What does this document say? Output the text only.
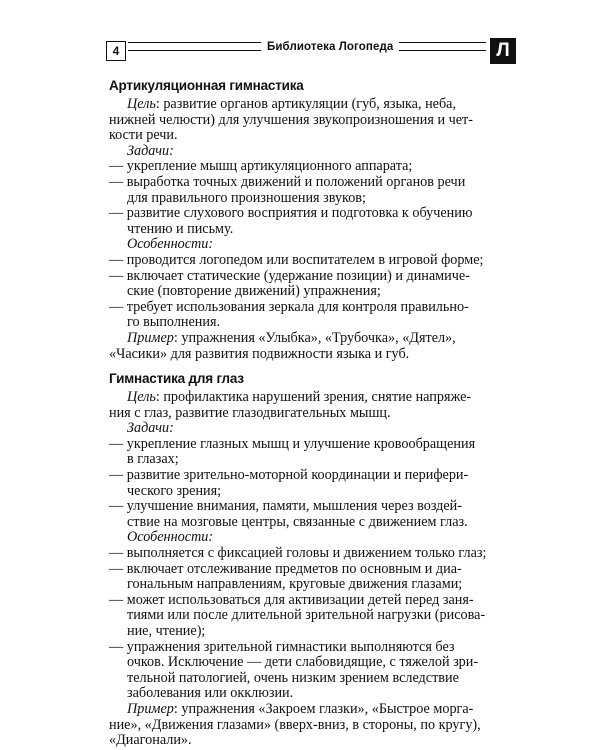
4	Библиотека Логопеда	Л
Артикуляционная гимнастика
Цель: развитие органов артикуляции (губ, языка, неба,
нижней челюсти) для улучшения звукопроизношения и чет-
кости речи.
Задачи:
— укрепление мышц артикуляционного аппарата;
— выработка точных движений и положений органов речи
для правильного произношения звуков;
— развитие слухового восприятия и подготовка к обучению
чтению и письму.
Особенности:
— проводится логопедом или воспитателем в игровой форме;
— включает статические (удержание позиции) и динамиче-
ские (повторение движений) упражнения;
— требует использования зеркала для контроля правильно-
го выполнения.
Пример: упражнения «Улыбка», «Трубочка», «Дятел»,
«Часики» для развития подвижности языка и губ.
Гимнастика для глаз
Цель: профилактика нарушений зрения, снятие напряже-
ния с глаз, развитие глазодвигательных мышц.
Задачи:
— укрепление глазных мышц и улучшение кровообращения
в глазах;
— развитие зрительно-моторной координации и перифери-
ческого зрения;
— улучшение внимания, памяти, мышления через воздей-
ствие на мозговые центры, связанные с движением глаз.
Особенности:
— выполняется с фиксацией головы и движением только глаз;
— включает отслеживание предметов по основным и диа-
гональным направлениям, круговые движения глазами;
— может использоваться для активизации детей перед заня-
тиями или после длительной зрительной нагрузки (рисова-
ние, чтение);
— упражнения зрительной гимнастики выполняются без
очков. Исключение — дети слабовидящие, с тяжелой зри-
тельной патологией, очень низким зрением вследствие
заболевания или окклюзии.
Пример: упражнения «Закроем глазки», «Быстрое морга-
ние», «Движения глазами» (вверх-вниз, в стороны, по кругу),
«Диагонали».
